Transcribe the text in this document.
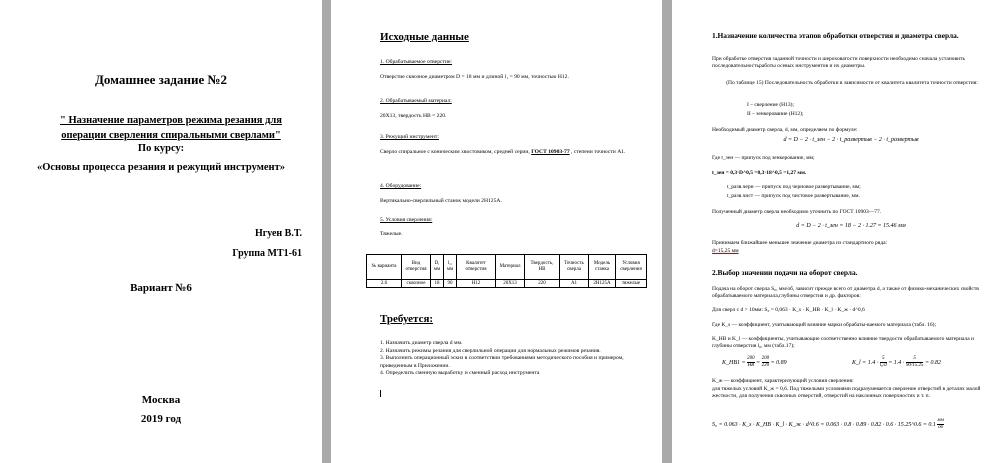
Домашнее задание №2
" Назначение параметров режима резания для операции сверления спиральными сверлами"
По курсу:
«Основы процесса резания и режущий инструмент»
Нгуен В.Т.
Группа МТ1-61
Вариант №6
Москва
2019 год
Исходные данные
1. Обрабатываемое отверстие:
Отверстие сквозное диаметром D = 18 мм и длиной l₁ = 90 мм, точностью Н12.
2. Обрабатываемый материал:
20Х13, твердость НВ = 220.
3. Режущий инструмент:
Сверло спиральное с коническим хвостовиком, средней серии, ГОСТ 10903-77 , степени точности А1.
4. Оборудование:
Вертикально-сверлильный станок модели 2Н125А.
5. Условия сверления:
Тяжелые.
№ варианта	Вид отверстия	D, мм	l₁, мм	Квалитет отверстия	Материал	Твердость, НВ	Точность сверла	Модель станка	Условия сверления
2.6	сквозное	18	90	Н12	20Х13	220	А1	2Н125А	тяжелые
Требуется:
1. Назначить диаметр сверла d мм.
2. Назначить режимы резания для сверлильной операции для нормальных режимов резания.
3. Выполнить операционный эскиз в соответствии требованиями методического пособия и примером, приведенным в Приложении.
4. Определить сменную выработку и сменный расход инструмента
1.Назначение количества этапов обработки отверстия и диаметра сверла.
При обработке отверстия заданной точности и шероховатости поверхности необходимо сначала установить последовательностьработы осевых инструментов и их диаметры.
(По таблице 15) Последовательность обработки в зависимости от квалитета квалитета точности отверстия:
I – сверление (Н13);
II – зенкерование (Н12);
Необходимый диаметр сверла, d, мм, определяем по формуле:
d = D − 2 · t_зен − 2 · t_развертыв − 2 · t_развертыв
Где t_зен — припуск под зенкерование, мм;
t_зен = 0,3·D^0,5 =0,3·18^0,5 =1,27 мм.
t_разв.черн — припуск под черновое развертывание, мм;
t_разв.чист — припуск под чистовое развертывание, мм.
Полученный диаметр сверла необходимо уточнить по ГОСТ 10903—77.
d = D − 2 · t_зен = 18 − 2 · 1.27 = 15.46 мм
Принимаем ближайшее меньшее значение диаметра из стандартного ряда:
d=15,25 мм
2.Выбор значении подачи на оборот сверла.
Подача на оборот сверла S₀, мм/об, зависит прежде всего от диаметра d, а также от физико-механических свойств обрабатываемого материала,глубины отверстия и др. факторов:
Для сверл с d > 10мм: S₀ = 0,063 · K_s · K_HB · K_l · K_ж · d^0,6
Где K_s — коэффициент, учитывающий влияние марки обрабаты-ваемого материала (табл. 16);
K_HB и K_l — коэффициенты, учитывающие соответственно влияние твердости обрабатываемого материала и глубины отверстия l₀, мм (табл.17);
K_HB1 = $\frac{200}{HB} = \frac{200}{220} = 0.89$	K_l = $1.4 \cdot \frac{5}{\text{l₀/d}} = 1.4 \cdot \frac{5}{90/15.25} = 0.82$
K_ж — коэффициент, характеризующий условия сверления:
для тяжелых условий K_ж = 0,6. Под тяжелыми условиями подразумевается сверление отверстий в деталях малой жесткости, для получения сквозных отверстий, отверстий на наклонных поверхностях и т. п.
S₀ = 0.063 · K_s · K_HB · K_l · K_ж · d^0.6 = 0.063 · 0.8 · 0.89 · 0.82 · 0.6 · 15.25^0.6 = $0.1 \frac{мм}{об}$
